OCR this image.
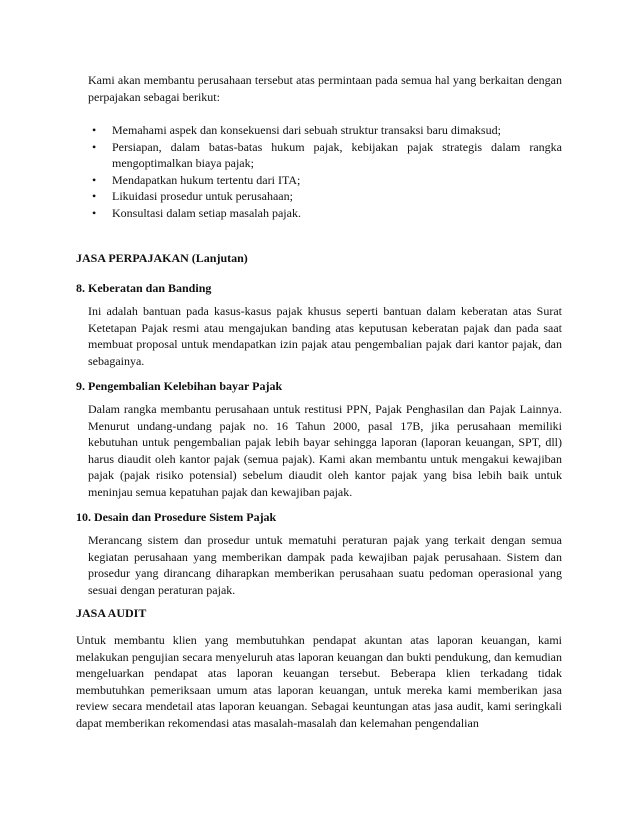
Kami akan membantu perusahaan tersebut atas permintaan pada semua hal yang berkaitan dengan perpajakan sebagai berikut:

• Memahami aspek dan konsekuensi dari sebuah struktur transaksi baru dimaksud;
• Persiapan, dalam batas-batas hukum pajak, kebijakan pajak strategis dalam rangka mengoptimalkan biaya pajak;
• Mendapatkan hukum tertentu dari ITA;
• Likuidasi prosedur untuk perusahaan;
• Konsultasi dalam setiap masalah pajak.

JASA PERPAJAKAN (Lanjutan)

8. Keberatan dan Banding

Ini adalah bantuan pada kasus-kasus pajak khusus seperti bantuan dalam keberatan atas Surat Ketetapan Pajak resmi atau mengajukan banding atas keputusan keberatan pajak dan pada saat membuat proposal untuk mendapatkan izin pajak atau pengembalian pajak dari kantor pajak, dan sebagainya.

9. Pengembalian Kelebihan bayar Pajak

Dalam rangka membantu perusahaan untuk restitusi PPN, Pajak Penghasilan dan Pajak Lainnya. Menurut undang-undang pajak no. 16 Tahun 2000, pasal 17B, jika perusahaan memiliki kebutuhan untuk pengembalian pajak lebih bayar sehingga laporan (laporan keuangan, SPT, dll) harus diaudit oleh kantor pajak (semua pajak). Kami akan membantu untuk mengakui kewajiban pajak (pajak risiko potensial) sebelum diaudit oleh kantor pajak yang bisa lebih baik untuk meninjau semua kepatuhan pajak dan kewajiban pajak.

10. Desain dan Prosedure Sistem Pajak

Merancang sistem dan prosedur untuk mematuhi peraturan pajak yang terkait dengan semua kegiatan perusahaan yang memberikan dampak pada kewajiban pajak perusahaan. Sistem dan prosedur yang dirancang diharapkan memberikan perusahaan suatu pedoman operasional yang sesuai dengan peraturan pajak.

JASA AUDIT

Untuk membantu klien yang membutuhkan pendapat akuntan atas laporan keuangan, kami melakukan pengujian secara menyeluruh atas laporan keuangan dan bukti pendukung, dan kemudian mengeluarkan pendapat atas laporan keuangan tersebut. Beberapa klien terkadang tidak membutuhkan pemeriksaan umum atas laporan keuangan, untuk mereka kami memberikan jasa review secara mendetail atas laporan keuangan. Sebagai keuntungan atas jasa audit, kami seringkali dapat memberikan rekomendasi atas masalah-masalah dan kelemahan pengendalian
